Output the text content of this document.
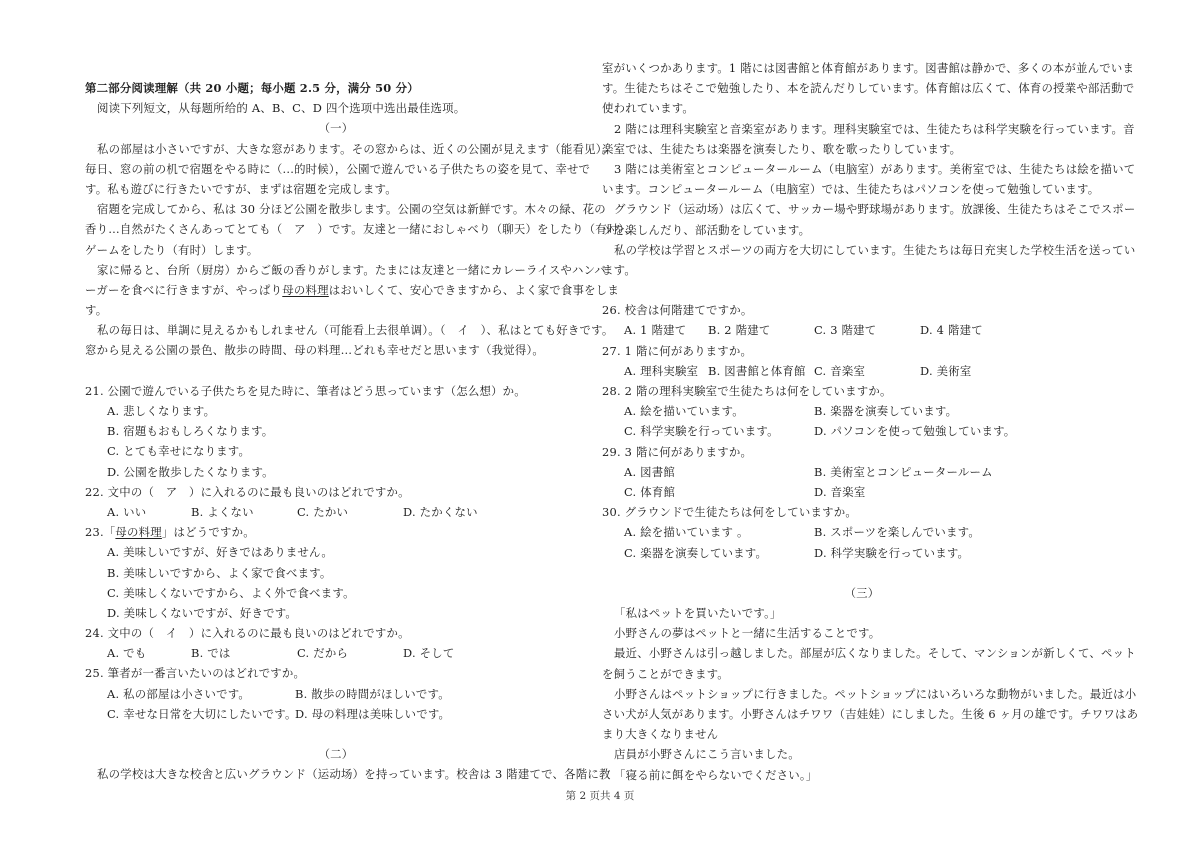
第二部分阅读理解（共 20 小题；每小题 2.5 分，满分 50 分）
阅读下列短文，从每题所给的 A、B、C、D 四个选项中选出最佳选项。
（一）
私の部屋は小さいですが、大きな窓があります。その窓からは、近くの公園が見えます（能看见）。
毎日、窓の前の机で宿題をやる時に（...的时候），公園で遊んでいる子供たちの姿を見て、幸せで
す。私も遊びに行きたいですが、まずは宿題を完成します。
宿題を完成してから、私は 30 分ほど公園を散歩します。公園の空気は新鮮です。木々の緑、花の
香り…自然がたくさんあってとても（　ア　）です。友達と一緒におしゃべり（聊天）をしたり（有时）、
ゲームをしたり（有时）します。
家に帰ると、台所（厨房）からご飯の香りがします。たまには友達と一緒にカレーライスやハンバ
ーガーを食べに行きますが、やっぱり母の料理はおいしくて、安心できますから、よく家で食事をしま
す。
私の毎日は、単調に見えるかもしれません（可能看上去很单调）。（　イ　）、私はとても好きです。
窓から見える公園の景色、散歩の時間、母の料理…どれも幸せだと思います（我觉得）。
21. 公園で遊んでいる子供たちを見た時に、筆者はどう思っています（怎么想）か。
A. 悲しくなります。
B. 宿題もおもしろくなります。
C. とても幸せになります。
D. 公園を散歩したくなります。
22. 文中の（　ア　）に入れるのに最も良いのはどれですか。
A. いい	B. よくない	C. たかい	D. たかくない
23.「母の料理」はどうですか。
A. 美味しいですが、好きではありません。
B. 美味しいですから、よく家で食べます。
C. 美味しくないですから、よく外で食べます。
D. 美味しくないですが、好きです。
24. 文中の（　イ　）に入れるのに最も良いのはどれですか。
A. でも	B. では	C. だから	D. そして
25. 筆者が一番言いたいのはどれですか。
A. 私の部屋は小さいです。	B. 散歩の時間がほしいです。
C. 幸せな日常を大切にしたいです。
D. 母の料理は美味しいです。
（二）
私の学校は大きな校舎と広いグラウンド（运动场）を持っています。校舎は 3 階建てで、各階に教
室がいくつかあります。1 階には図書館と体育館があります。図書館は静かで、多くの本が並んでいま
す。生徒たちはそこで勉強したり、本を読んだりしています。体育館は広くて、体育の授業や部活動で
使われています。
2 階には理科実験室と音楽室があります。理科実験室では、生徒たちは科学実験を行っています。音
楽室では、生徒たちは楽器を演奏したり、歌を歌ったりしています。
3 階には美術室とコンピュータールーム（电脑室）があります。美術室では、生徒たちは絵を描いて
います。コンピュータールーム（电脑室）では、生徒たちはパソコンを使って勉強しています。
グラウンド（运动场）は広くて、サッカー場や野球場があります。放課後、生徒たちはそこでスポー
ツを楽しんだり、部活動をしています。
私の学校は学習とスポーツの両方を大切にしています。生徒たちは毎日充実した学校生活を送ってい
ます。
26. 校舎は何階建てですか。
A. 1 階建て	B. 2 階建て	C. 3 階建て	D. 4 階建て
27. 1 階に何がありますか。
A. 理科実験室 B. 図書館と体育館 C. 音楽室	D. 美術室
28. 2 階の理科実験室で生徒たちは何をしていますか。
A. 絵を描いています。	B. 楽器を演奏しています。
C. 科学実験を行っています。	D. パソコンを使って勉強しています。
29. 3 階に何がありますか。
A. 図書館	B. 美術室とコンピュータールーム
C. 体育館	D. 音楽室
30. グラウンドで生徒たちは何をしていますか。
A. 絵を描いています 。	B. スポーツを楽しんでいます。
C. 楽器を演奏しています。	D. 科学実験を行っています。
（三）
「私はペットを買いたいです。」
小野さんの夢はペットと一緒に生活することです。
最近、小野さんは引っ越しました。部屋が広くなりました。そして、マンションが新しくて、ペット
を飼うことができます。
小野さんはペットショップに行きました。ペットショップにはいろいろな動物がいました。最近は小
さい犬が人気があります。小野さんはチワワ（吉娃娃）にしました。生後 6 ヶ月の雄です。チワワはあ
まり大きくなりません
店員が小野さんにこう言いました。
「寝る前に餌をやらないでください。」
第 2 页共 4 页
